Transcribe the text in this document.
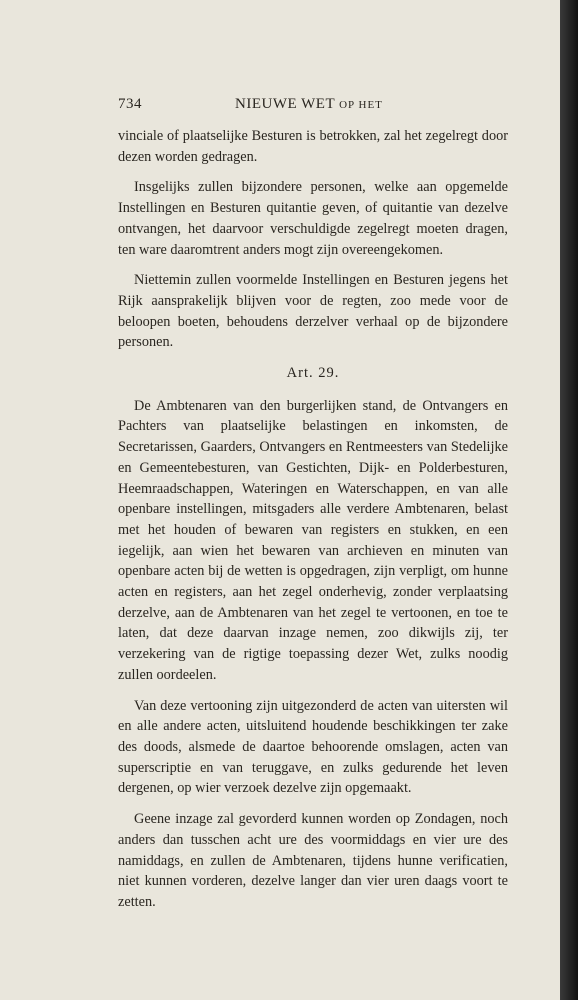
734	NIEUWE WET OP HET

vinciale of plaatselijke Besturen is betrokken, zal het zegelregt door dezen worden gedragen.

Insgelijks zullen bijzondere personen, welke aan opgemelde Instellingen en Besturen quitantie geven, of quitantie van dezelve ontvangen, het daarvoor verschuldigde zegelregt moeten dragen, ten ware daaromtrent anders mogt zijn overeengekomen.

Niettemin zullen voormelde Instellingen en Besturen jegens het Rijk aansprakelijk blijven voor de regten, zoo mede voor de beloopen boeten, behoudens derzelver verhaal op de bijzondere personen.

Art. 29.

De Ambtenaren van den burgerlijken stand, de Ontvangers en Pachters van plaatselijke belastingen en inkomsten, de Secretarissen, Gaarders, Ontvangers en Rentmeesters van Stedelijke en Gemeentebesturen, van Gestichten, Dijk- en Polderbesturen, Heemraadschappen, Wateringen en Waterschappen, en van alle openbare instellingen, mitsgaders alle verdere Ambtenaren, belast met het houden of bewaren van registers en stukken, en een iegelijk, aan wien het bewaren van archieven en minuten van openbare acten bij de wetten is opgedragen, zijn verpligt, om hunne acten en registers, aan het zegel onderhevig, zonder verplaatsing derzelve, aan de Ambtenaren van het zegel te vertoonen, en toe te laten, dat deze daarvan inzage nemen, zoo dikwijls zij, ter verzekering van de rigtige toepassing dezer Wet, zulks noodig zullen oordeelen.

Van deze vertooning zijn uitgezonderd de acten van uitersten wil en alle andere acten, uitsluitend houdende beschikkingen ter zake des doods, alsmede de daartoe behoorende omslagen, acten van superscriptie en van teruggave, en zulks gedurende het leven dergenen, op wier verzoek dezelve zijn opgemaakt.

Geene inzage zal gevorderd kunnen worden op Zondagen, noch anders dan tusschen acht ure des voormiddags en vier ure des namiddags, en zullen de Ambtenaren, tijdens hunne verificatien, niet kunnen vorderen, dezelve langer dan vier uren daags voort te zetten.
